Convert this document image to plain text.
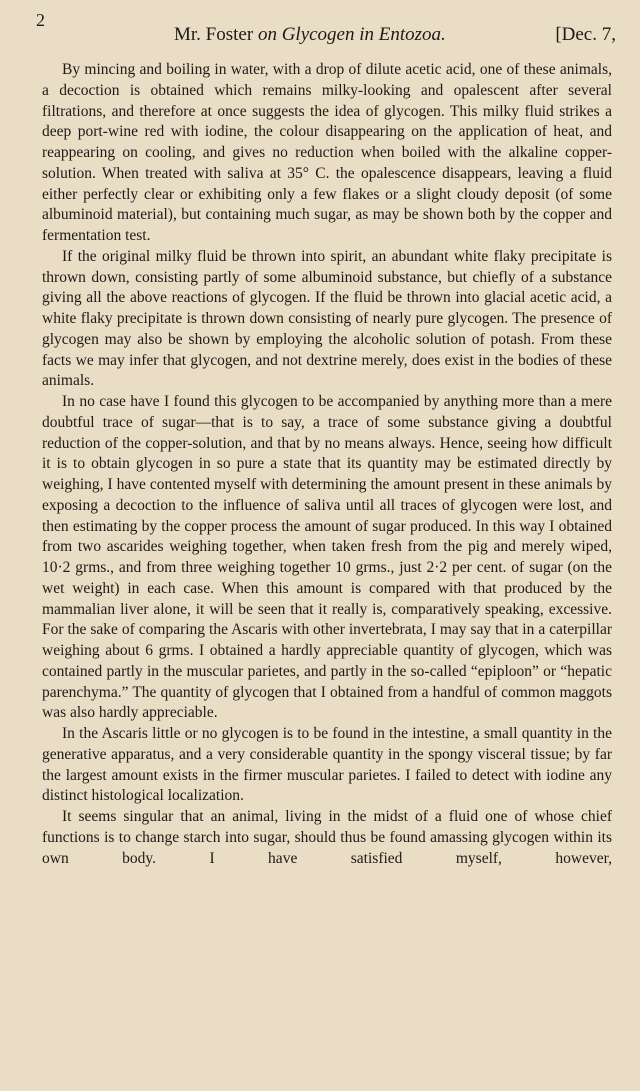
2
Mr. Foster on Glycogen in Entozoa.	[Dec. 7,

By mincing and boiling in water, with a drop of dilute acetic acid, one of these animals, a decoction is obtained which remains milky-looking and opalescent after several filtrations, and therefore at once suggests the idea of glycogen. This milky fluid strikes a deep port-wine red with iodine, the colour disappearing on the application of heat, and reappearing on cooling, and gives no reduction when boiled with the alkaline copper-solution. When treated with saliva at 35° C. the opalescence disappears, leaving a fluid either perfectly clear or exhibiting only a few flakes or a slight cloudy deposit (of some albuminoid material), but containing much sugar, as may be shown both by the copper and fermentation test.

If the original milky fluid be thrown into spirit, an abundant white flaky precipitate is thrown down, consisting partly of some albuminoid substance, but chiefly of a substance giving all the above reactions of glycogen. If the fluid be thrown into glacial acetic acid, a white flaky precipitate is thrown down consisting of nearly pure glycogen. The presence of glycogen may also be shown by employing the alcoholic solution of potash. From these facts we may infer that glycogen, and not dextrine merely, does exist in the bodies of these animals.

In no case have I found this glycogen to be accompanied by anything more than a mere doubtful trace of sugar—that is to say, a trace of some substance giving a doubtful reduction of the copper-solution, and that by no means always. Hence, seeing how difficult it is to obtain glycogen in so pure a state that its quantity may be estimated directly by weighing, I have contented myself with determining the amount present in these animals by exposing a decoction to the influence of saliva until all traces of glycogen were lost, and then estimating by the copper process the amount of sugar produced. In this way I obtained from two ascarides weighing together, when taken fresh from the pig and merely wiped, 10·2 grms., and from three weighing together 10 grms., just 2·2 per cent. of sugar (on the wet weight) in each case. When this amount is compared with that produced by the mammalian liver alone, it will be seen that it really is, comparatively speaking, excessive. For the sake of comparing the Ascaris with other invertebrata, I may say that in a caterpillar weighing about 6 grms. I obtained a hardly appreciable quantity of glycogen, which was contained partly in the muscular parietes, and partly in the so-called “epiploon” or “hepatic parenchyma.” The quantity of glycogen that I obtained from a handful of common maggots was also hardly appreciable.

In the Ascaris little or no glycogen is to be found in the intestine, a small quantity in the generative apparatus, and a very considerable quantity in the spongy visceral tissue; by far the largest amount exists in the firmer muscular parietes. I failed to detect with iodine any distinct histological localization.

It seems singular that an animal, living in the midst of a fluid one of whose chief functions is to change starch into sugar, should thus be found amassing glycogen within its own body. I have satisfied myself, however,
